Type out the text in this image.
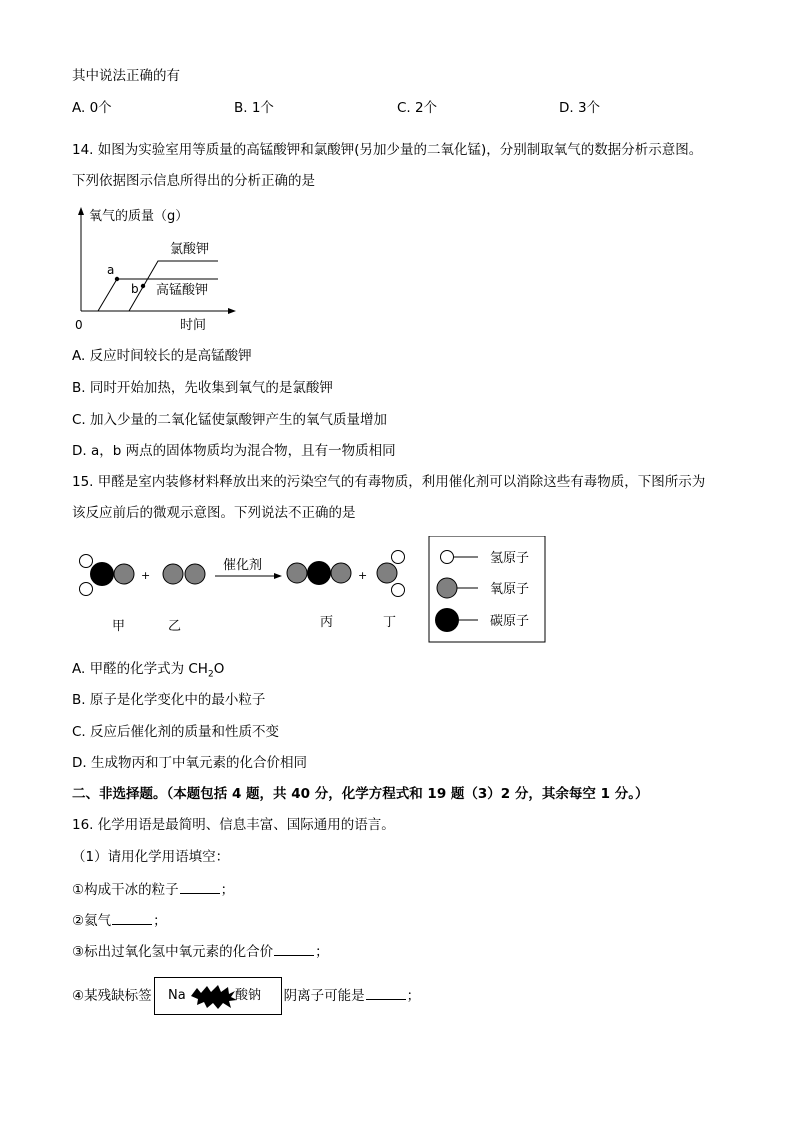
其中说法正确的有
A. 0个	B. 1个	C. 2个	D. 3个
14. 如图为实验室用等质量的高锰酸钾和氯酸钾(另加少量的二氧化锰)，分别制取氧气的数据分析示意图。
下列依据图示信息所得出的分析正确的是
氧气的质量（g）
时间
0
a
b
氯酸钾
高锰酸钾
A. 反应时间较长的是高锰酸钾
B. 同时开始加热，先收集到氧气的是氯酸钾
C. 加入少量的二氧化锰使氯酸钾产生的氧气质量增加
D. a，b 两点的固体物质均为混合物，且有一物质相同
15. 甲醛是室内装修材料释放出来的污染空气的有毒物质，利用催化剂可以消除这些有毒物质，下图所示为
该反应前后的微观示意图。下列说法不正确的是
+
催化剂
+
甲	乙	丙	丁
氢原子
氧原子
碳原子
A. 甲醛的化学式为 $CH_2O$
B. 原子是化学变化中的最小粒子
C. 反应后催化剂的质量和性质不变
D. 生成物丙和丁中氧元素的化合价相同
二、非选择题。（本题包括 4 题，共 40 分，化学方程式和 19 题（3）2 分，其余每空 1 分。）
16. 化学用语是最简明、信息丰富、国际通用的语言。
（1）请用化学用语填空：
①构成干冰的粒子	；
②氦气	；
③标出过氧化氢中氧元素的化合价	；
④某残缺标签 Na	酸钠 阴离子可能是	；
